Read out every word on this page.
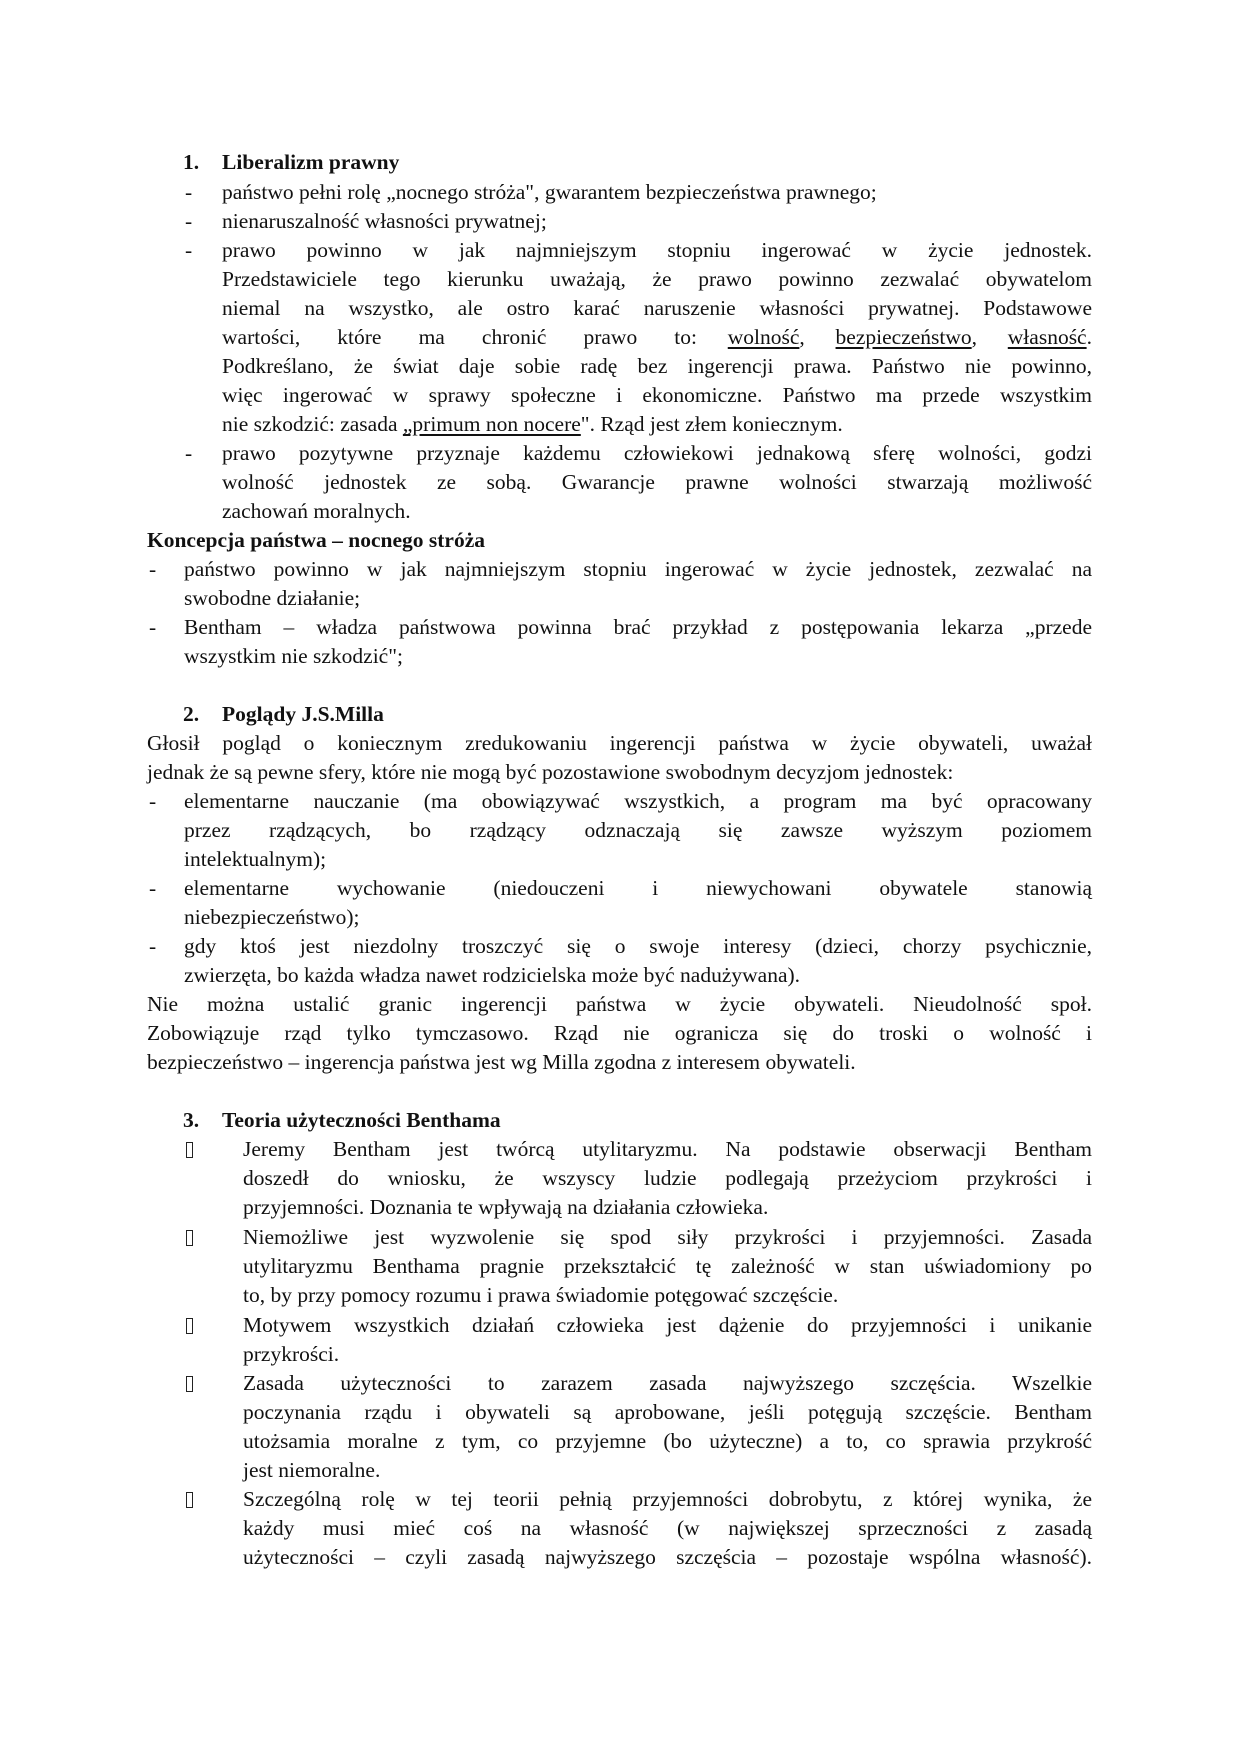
1. Liberalizm prawny
- państwo pełni rolę „nocnego stróża", gwarantem bezpieczeństwa prawnego;
- nienaruszalność własności prywatnej;
- prawo powinno w jak najmniejszym stopniu ingerować w życie jednostek.
Przedstawiciele tego kierunku uważają, że prawo powinno zezwalać obywatelom
niemal na wszystko, ale ostro karać naruszenie własności prywatnej. Podstawowe
wartości, które ma chronić prawo to: wolność, bezpieczeństwo, własność.
Podkreślano, że świat daje sobie radę bez ingerencji prawa. Państwo nie powinno,
więc ingerować w sprawy społeczne i ekonomiczne. Państwo ma przede wszystkim
nie szkodzić: zasada „primum non nocere". Rząd jest złem koniecznym.
- prawo pozytywne przyznaje każdemu człowiekowi jednakową sferę wolności, godzi
wolność jednostek ze sobą. Gwarancje prawne wolności stwarzają możliwość
zachowań moralnych.
Koncepcja państwa – nocnego stróża
- państwo powinno w jak najmniejszym stopniu ingerować w życie jednostek, zezwalać na
swobodne działanie;
- Bentham – władza państwowa powinna brać przykład z postępowania lekarza „przede
wszystkim nie szkodzić";
2. Poglądy J.S.Milla
Głosił pogląd o koniecznym zredukowaniu ingerencji państwa w życie obywateli, uważał
jednak że są pewne sfery, które nie mogą być pozostawione swobodnym decyzjom jednostek:
- elementarne nauczanie (ma obowiązywać wszystkich, a program ma być opracowany
przez rządzących, bo rządzący odznaczają się zawsze wyższym poziomem
intelektualnym);
- elementarne wychowanie (niedouczeni i niewychowani obywatele stanowią
niebezpieczeństwo);
- gdy ktoś jest niezdolny troszczyć się o swoje interesy (dzieci, chorzy psychicznie,
zwierzęta, bo każda władza nawet rodzicielska może być nadużywana).
Nie można ustalić granic ingerencji państwa w życie obywateli. Nieudolność społ.
Zobowiązuje rząd tylko tymczasowo. Rząd nie ogranicza się do troski o wolność i
bezpieczeństwo – ingerencja państwa jest wg Milla zgodna z interesem obywateli.
3. Teoria użyteczności Benthama
Jeremy Bentham jest twórcą utylitaryzmu. Na podstawie obserwacji Bentham
doszedł do wniosku, że wszyscy ludzie podlegają przeżyciom przykrości i
przyjemności. Doznania te wpływają na działania człowieka.
Niemożliwe jest wyzwolenie się spod siły przykrości i przyjemności. Zasada
utylitaryzmu Benthama pragnie przekształcić tę zależność w stan uświadomiony po
to, by przy pomocy rozumu i prawa świadomie potęgować szczęście.
Motywem wszystkich działań człowieka jest dążenie do przyjemności i unikanie
przykrości.
Zasada użyteczności to zarazem zasada najwyższego szczęścia. Wszelkie
poczynania rządu i obywateli są aprobowane, jeśli potęgują szczęście. Bentham
utożsamia moralne z tym, co przyjemne (bo użyteczne) a to, co sprawia przykrość
jest niemoralne.
Szczególną rolę w tej teorii pełnią przyjemności dobrobytu, z której wynika, że
każdy musi mieć coś na własność (w największej sprzeczności z zasadą
użyteczności – czyli zasadą najwyższego szczęścia – pozostaje wspólna własność).
